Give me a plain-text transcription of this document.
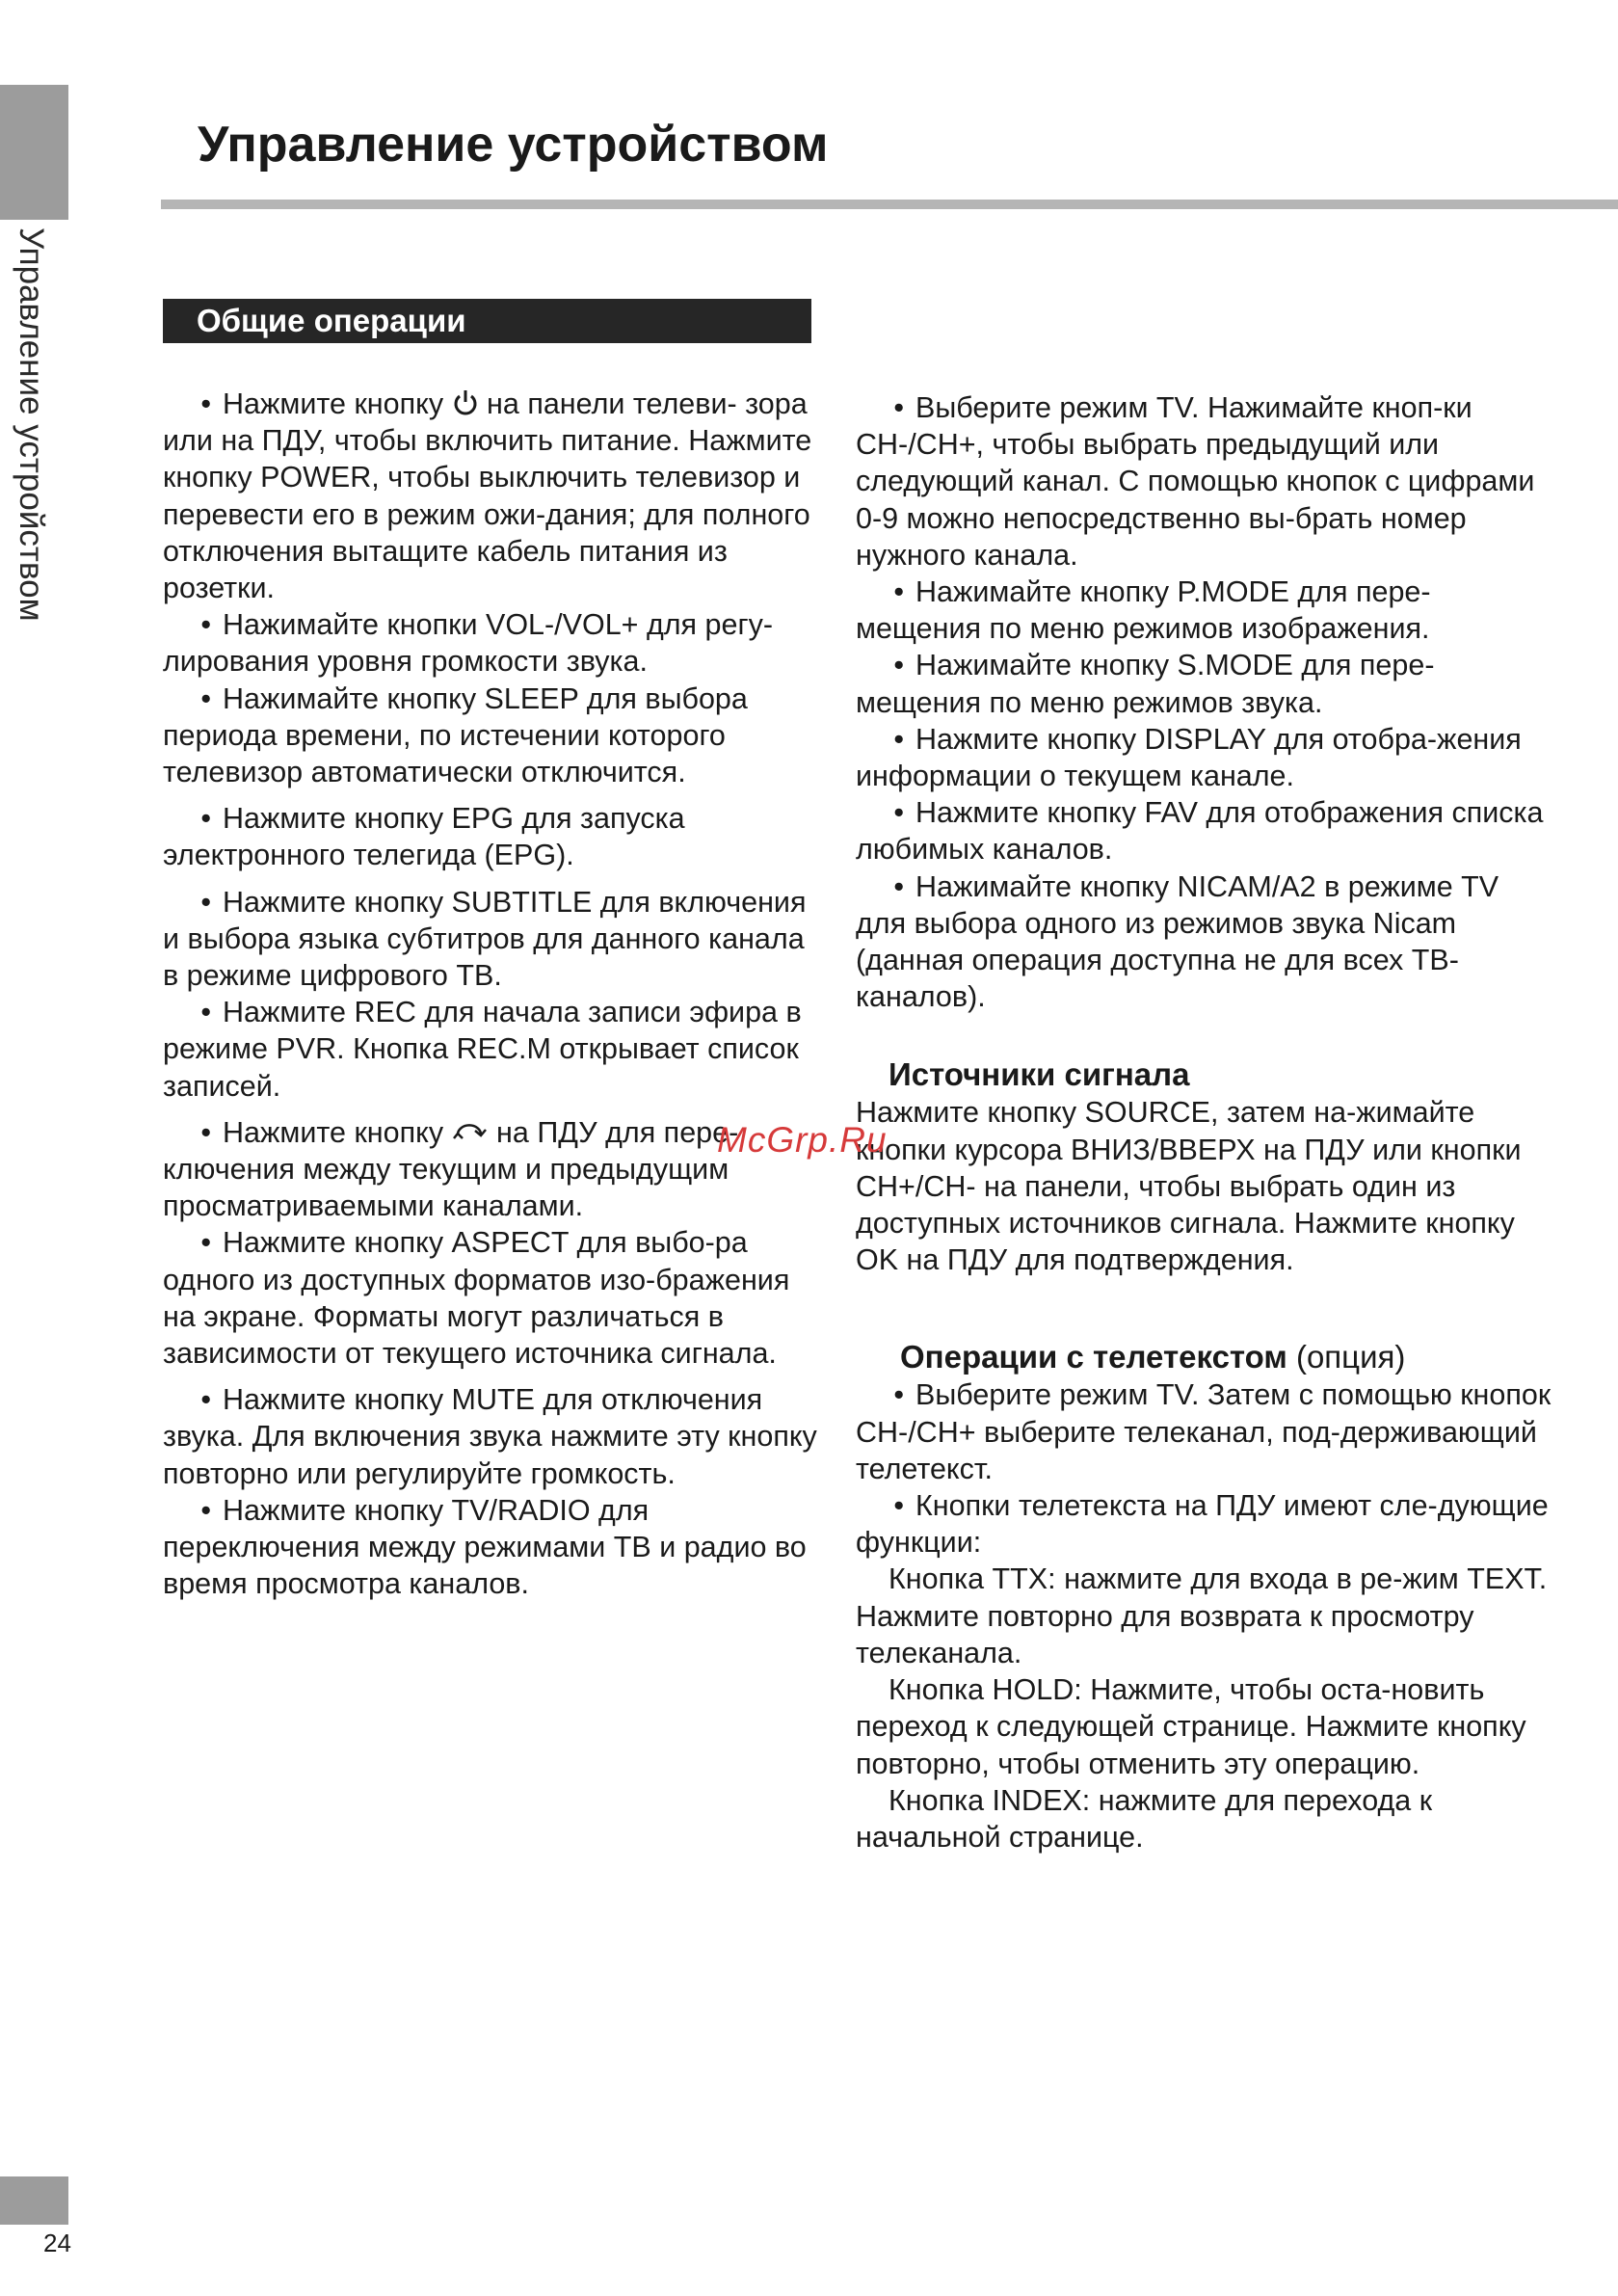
Управление устройством
Управление устройством
Общие операции

• Нажмите кнопку на панели телеви- зора или на ПДУ, чтобы включить питание. Нажмите кнопку POWER, чтобы выключить телевизор и перевести его в режим ожи-дания; для полного отключения вытащите кабель питания из розетки.

• Нажимайте кнопки VOL-/VOL+ для регу-лирования уровня громкости звука.

• Нажимайте кнопку SLEEP для выбора периода времени, по истечении которого телевизор автоматически отключится.

• Нажмите кнопку EPG для запуска электронного телегида (EPG).

• Нажмите кнопку SUBTITLE для включения и выбора языка субтитров для данного канала в режиме цифрового ТВ.

• Нажмите REC для начала записи эфира в режиме PVR. Кнопка REC.M открывает список записей.

• Нажмите кнопку на ПДУ для пере-ключения между текущим и предыдущим просматриваемыми каналами.

• Нажмите кнопку ASPECT для выбо-ра одного из доступных форматов изо-бражения на экране. Форматы могут различаться в зависимости от текущего источника сигнала.

• Нажмите кнопку MUTE для отключения звука. Для включения звука нажмите эту кнопку повторно или регулируйте громкость.

• Нажмите кнопку TV/RADIO для переключения между режимами ТВ и радио во время просмотра каналов.

• Выберите режим TV. Нажимайте кноп-ки CH-/CH+, чтобы выбрать предыдущий или следующий канал. С помощью кнопок с цифрами 0-9 можно непосредственно вы-брать номер нужного канала.

• Нажимайте кнопку P.MODE для пере-мещения по меню режимов изображения.

• Нажимайте кнопку S.MODE для пере-мещения по меню режимов звука.

• Нажмите кнопку DISPLAY для отобра-жения информации о текущем канале.

• Нажмите кнопку FAV для отображения списка любимых каналов.

• Нажимайте кнопку NICAM/A2 в режиме TV для выбора одного из режимов звука Nicam (данная операция доступна не для всех ТВ-каналов).

Источники сигнала

Нажмите кнопку SOURCE, затем на-жимайте кнопки курсора ВНИЗ/ВВЕРХ на ПДУ или кнопки CH+/CH- на панели, чтобы выбрать один из доступных источников сигнала. Нажмите кнопку OK на ПДУ для подтверждения.

Операции с телетекстом (опция)

• Выберите режим TV. Затем с помощью кнопок CH-/CH+ выберите телеканал, под-держивающий телетекст.

• Кнопки телетекста на ПДУ имеют сле-дующие функции:

Кнопка TTX: нажмите для входа в ре-жим TEXT. Нажмите повторно для возврата к просмотру телеканала.

Кнопка HOLD: Нажмите, чтобы оста-новить переход к следующей странице. Нажмите кнопку повторно, чтобы отменить эту операцию.

Кнопка INDEX: нажмите для перехода к начальной странице.

McGrp.Ru
24
